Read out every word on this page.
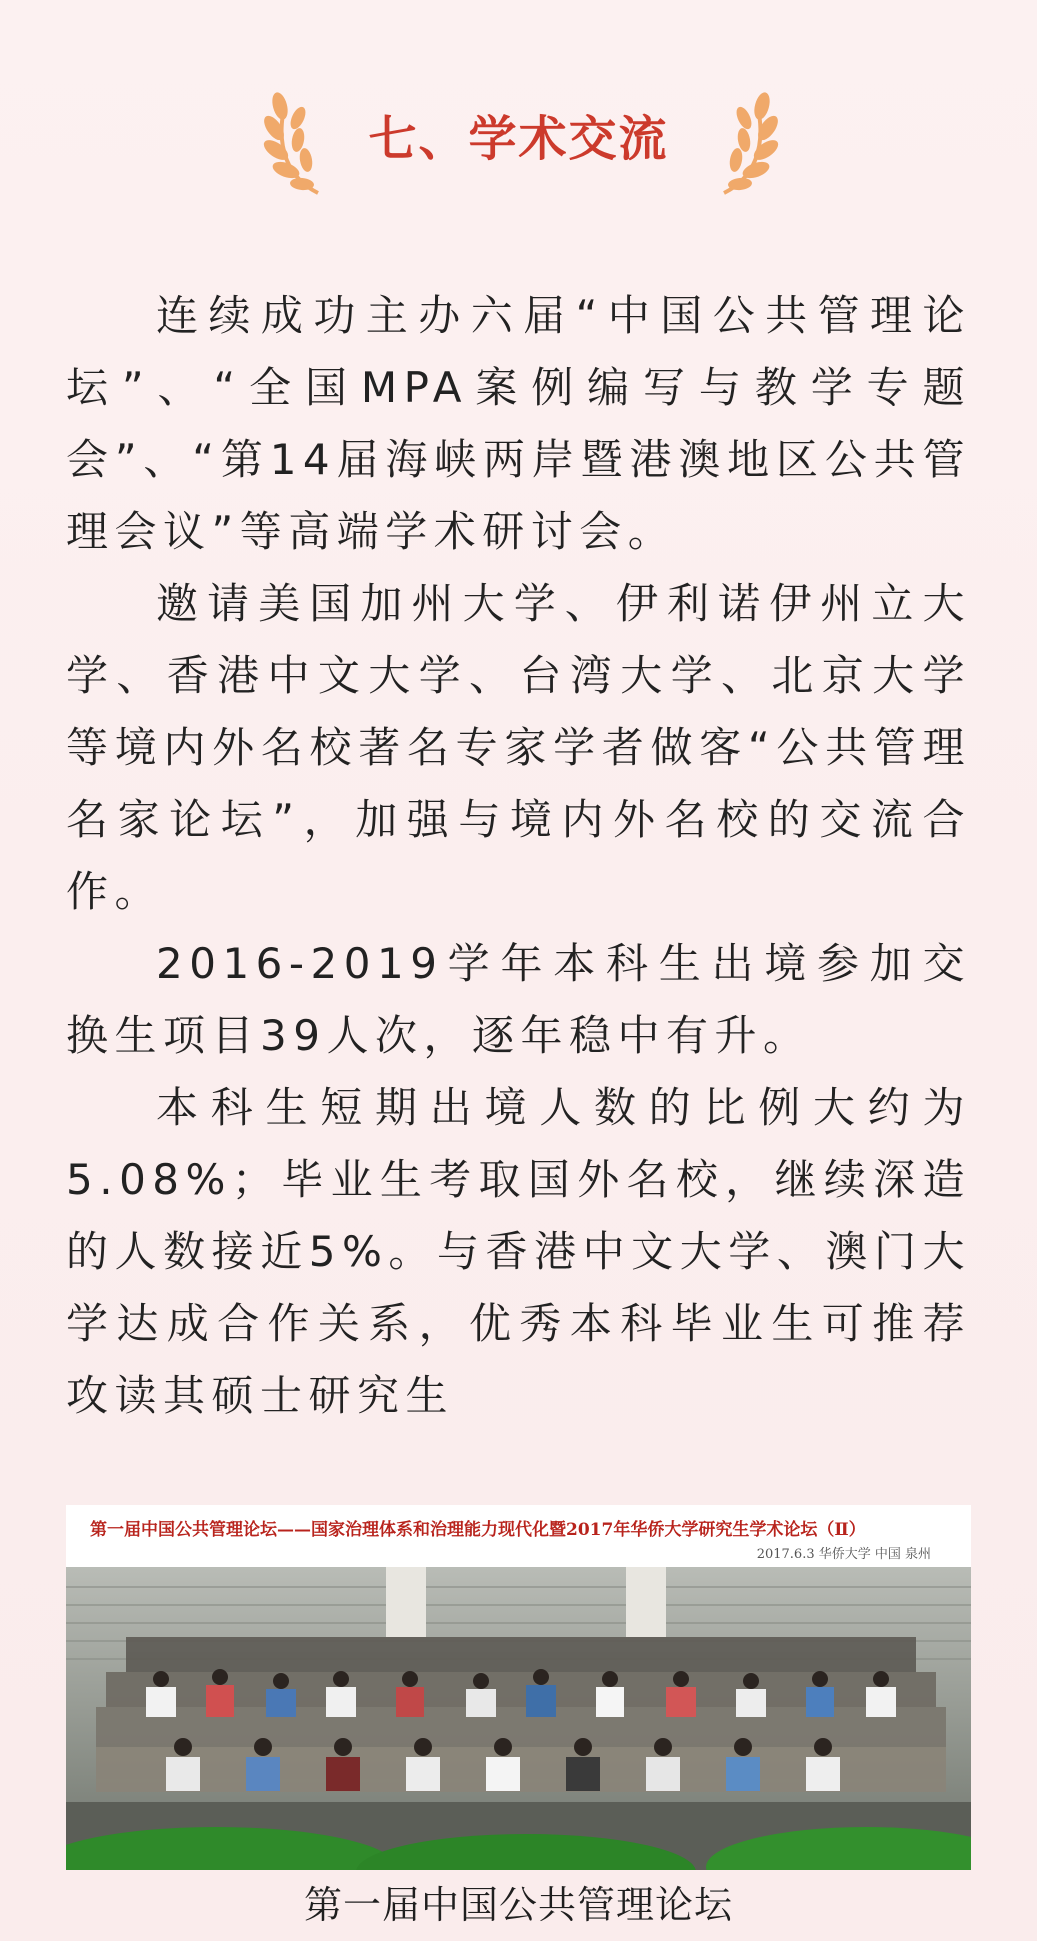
七、学术交流

连续成功主办六届“中国公共管理论坛”、“全国MPA案例编写与教学专题会”、“第14届海峡两岸暨港澳地区公共管理会议”等高端学术研讨会。

邀请美国加州大学、伊利诺伊州立大学、香港中文大学、台湾大学、北京大学等境内外名校著名专家学者做客“公共管理名家论坛”，加强与境内外名校的交流合作。

2016-2019学年本科生出境参加交换生项目39人次，逐年稳中有升。

本科生短期出境人数的比例大约为5.08%；毕业生考取国外名校，继续深造的人数接近5%。与香港中文大学、澳门大学达成合作关系，优秀本科毕业生可推荐攻读其硕士研究生

第一届中国公共管理论坛——国家治理体系和治理能力现代化暨2017年华侨大学研究生学术论坛（Ⅱ）
2017.6.3 华侨大学 中国 泉州
第一届中国公共管理论坛
